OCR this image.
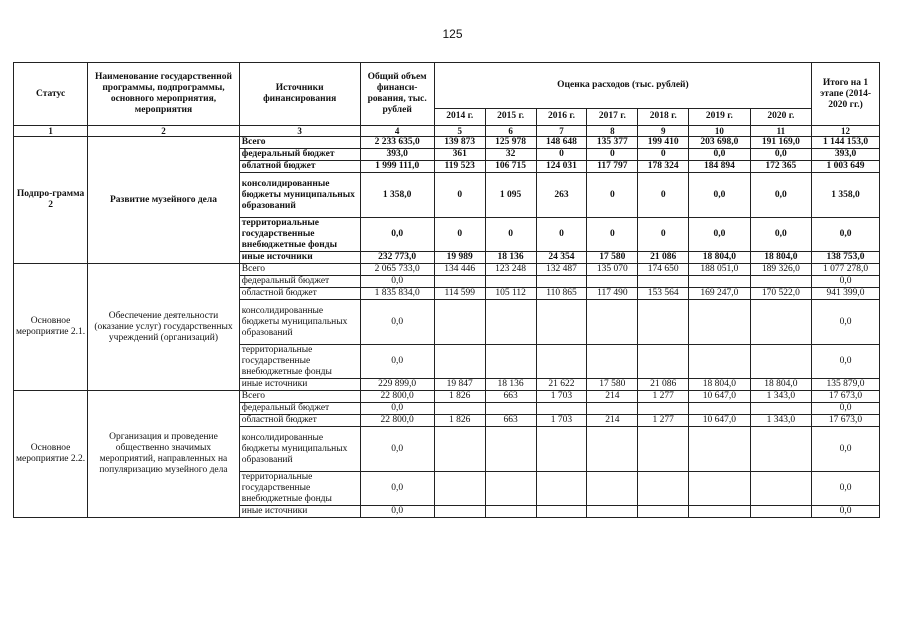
125
Статус	Наименование государственной программы, подпрограммы, основного мероприятия, мероприятия	Источники финансирования	Общий объем финанси-рования, тыс. рублей	Оценка расходов (тыс. рублей)							Итого на 1 этапе (2014-2020 гг.)
				2014 г.	2015 г.	2016 г.	2017 г.	2018 г.	2019 г.	2020 г.	
1	2	3	4	5	6	7	8	9	10	11	12
Подпро-грамма 2	Развитие музейного дела	Всего	2 233 635,0	139 873	125 978	148 648	135 377	199 410	203 698,0	191 169,0	1 144 153,0
		федеральный бюджет	393,0	361	32	0	0	0	0,0	0,0	393,0
		облатной бюджет	1 999 111,0	119 523	106 715	124 031	117 797	178 324	184 894	172 365	1 003 649
		консолидированные бюджеты муниципальных образований	1 358,0	0	1 095	263	0	0	0,0	0,0	1 358,0
		территориальные государственные внебюджетные фонды	0,0	0	0	0	0	0	0,0	0,0	0,0
		иные источники	232 773,0	19 989	18 136	24 354	17 580	21 086	18 804,0	18 804,0	138 753,0
Основное мероприятие 2.1.	Обеспечение деятельности (оказание услуг) государственных учреждений (организаций)	Всего	2 065 733,0	134 446	123 248	132 487	135 070	174 650	188 051,0	189 326,0	1 077 278,0
		федеральный бюджет	0,0								0,0
		областной бюджет	1 835 834,0	114 599	105 112	110 865	117 490	153 564	169 247,0	170 522,0	941 399,0
		консолидированные бюджеты муниципальных образований	0,0								0,0
		территориальные государственные внебюджетные фонды	0,0								0,0
		иные источники	229 899,0	19 847	18 136	21 622	17 580	21 086	18 804,0	18 804,0	135 879,0
Основное мероприятие 2.2.	Организация и проведение общественно значимых мероприятий, направленных на популяризацию музейного дела	Всего	22 800,0	1 826	663	1 703	214	1 277	10 647,0	1 343,0	17 673,0
		федеральный бюджет	0,0								0,0
		областной бюджет	22 800,0	1 826	663	1 703	214	1 277	10 647,0	1 343,0	17 673,0
		консолидированные бюджеты муниципальных образований	0,0								0,0
		территориальные государственные внебюджетные фонды	0,0								0,0
		иные источники	0,0								0,0
